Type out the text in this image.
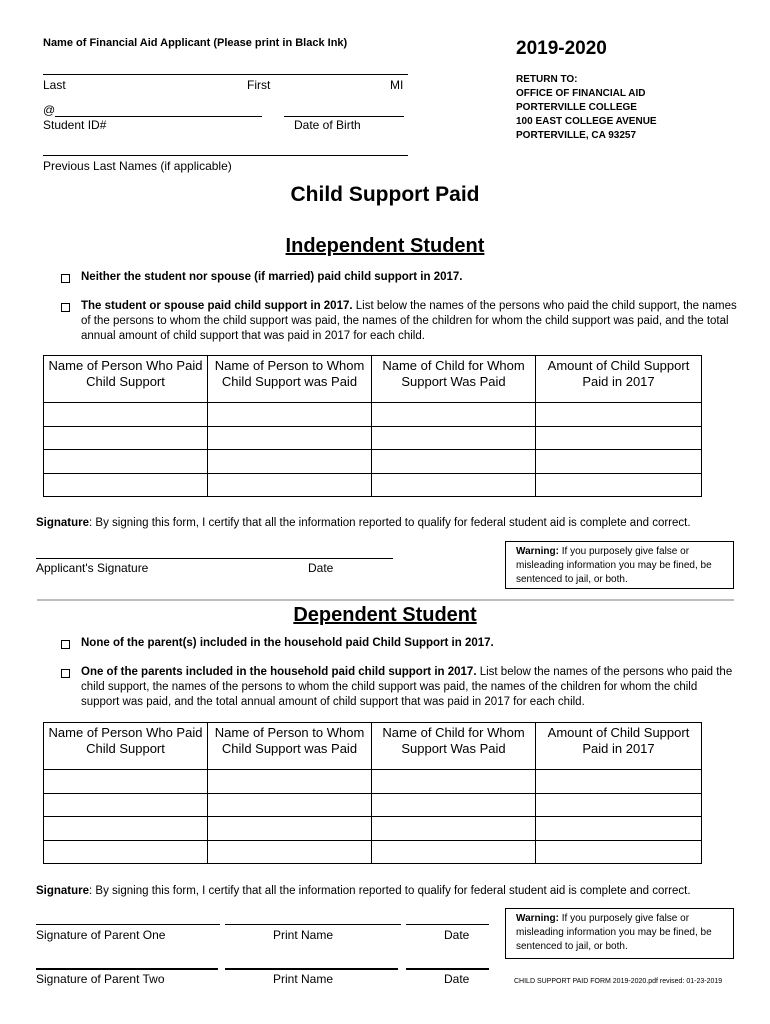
Name of Financial Aid Applicant (Please print in Black Ink)	2019-2020
Last	First	MI
@
Student ID#	Date of Birth
Previous Last Names (if applicable)
RETURN TO:
OFFICE OF FINANCIAL AID
PORTERVILLE COLLEGE
100 EAST COLLEGE AVENUE
PORTERVILLE, CA 93257
Child Support Paid
Independent Student
Neither the student nor spouse (if married) paid child support in 2017.
The student or spouse paid child support in 2017. List below the names of the persons who paid the child support, the names of the persons to whom the child support was paid, the names of the children for whom the child support was paid, and the total annual amount of child support that was paid in 2017 for each child.
Name of Person Who Paid Child Support	Name of Person to Whom Child Support was Paid	Name of Child for Whom Support Was Paid	Amount of Child Support Paid in 2017

Signature: By signing this form, I certify that all the information reported to qualify for federal student aid is complete and correct.
Applicant's Signature	Date
Warning: If you purposely give false or misleading information you may be fined, be sentenced to jail, or both.
Dependent Student
None of the parent(s) included in the household paid Child Support in 2017.
One of the parents included in the household paid child support in 2017. List below the names of the persons who paid the child support, the names of the persons to whom the child support was paid, the names of the children for whom the child support was paid, and the total annual amount of child support that was paid in 2017 for each child.
Name of Person Who Paid Child Support	Name of Person to Whom Child Support was Paid	Name of Child for Whom Support Was Paid	Amount of Child Support Paid in 2017

Signature: By signing this form, I certify that all the information reported to qualify for federal student aid is complete and correct.
Signature of Parent One	Print Name	Date
Warning: If you purposely give false or misleading information you may be fined, be sentenced to jail, or both.
Signature of Parent Two	Print Name	Date	CHILD SUPPORT PAID FORM 2019-2020.pdf revised: 01-23-2019
